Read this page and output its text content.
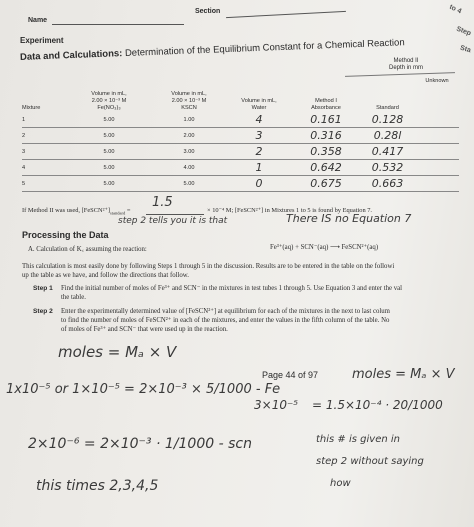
Name
Section	to 4
Step
Sta
Experiment
Data and Calculations: Determination of the Equilibrium Constant for a Chemical Reaction
Method II
Depth in mm
Mixture	Volume in mL,
2.00 × 10⁻³ M
Fe(NO₃)₃	Volume in mL,
2.00 × 10⁻³ M
KSCN	Volume in mL,
Water	Method I
Absorbance	Standard	Unknown
1	5.00	1.00	4	0.161	0.128	
2	5.00	2.00	3	0.316	0.28l	
3	5.00	3.00	2	0.358	0.417	
4	5.00	4.00	1	0.642	0.532	
5	5.00	5.00	0	0.675	0.663	
If Method II was used, $[FeSCN^{2+}]_{standard}$ =
1.5
× 10⁻⁴ M; [FeSCN²⁺] in Mixtures 1 to 5 is found by Equation 7.
step 2 tells you it is that	There IS no Equation 7
Processing the Data
A. Calculation of K꜀ assuming the reaction:	Fe³⁺(aq) + SCN⁻(aq) ⟶ FeSCN²⁺(aq)
This calculation is most easily done by following Steps 1 through 5 in the discussion. Results are to be entered in the table on the followi
up the table as we have, and follow the directions that follow.
Step 1 Find the initial number of moles of Fe³⁺ and SCN⁻ in the mixtures in test tubes 1 through 5. Use Equation 3 and enter the val
the table.
Step 2 Enter the experimentally determined value of [FeSCN²⁺] at equilibrium for each of the mixtures in the next to last colum
to find the number of moles of FeSCN²⁺ in each of the mixtures, and enter the values in the fifth column of the table. No
of moles of Fe³⁺ and SCN⁻ that were used up in the reaction.
moles = Mₐ × V
Page 44 of 97	moles = Mₐ × V
1x10⁻⁵ or 1×10⁻⁵ = 2×10⁻³ × 5/1000 - Fe
3×10⁻⁵ = 1.5×10⁻⁴ · 20/1000
2×10⁻⁶ = 2×10⁻³ · 1/1000 - scn	this # is given in
step 2 without saying
how
this times 2,3,4,5
